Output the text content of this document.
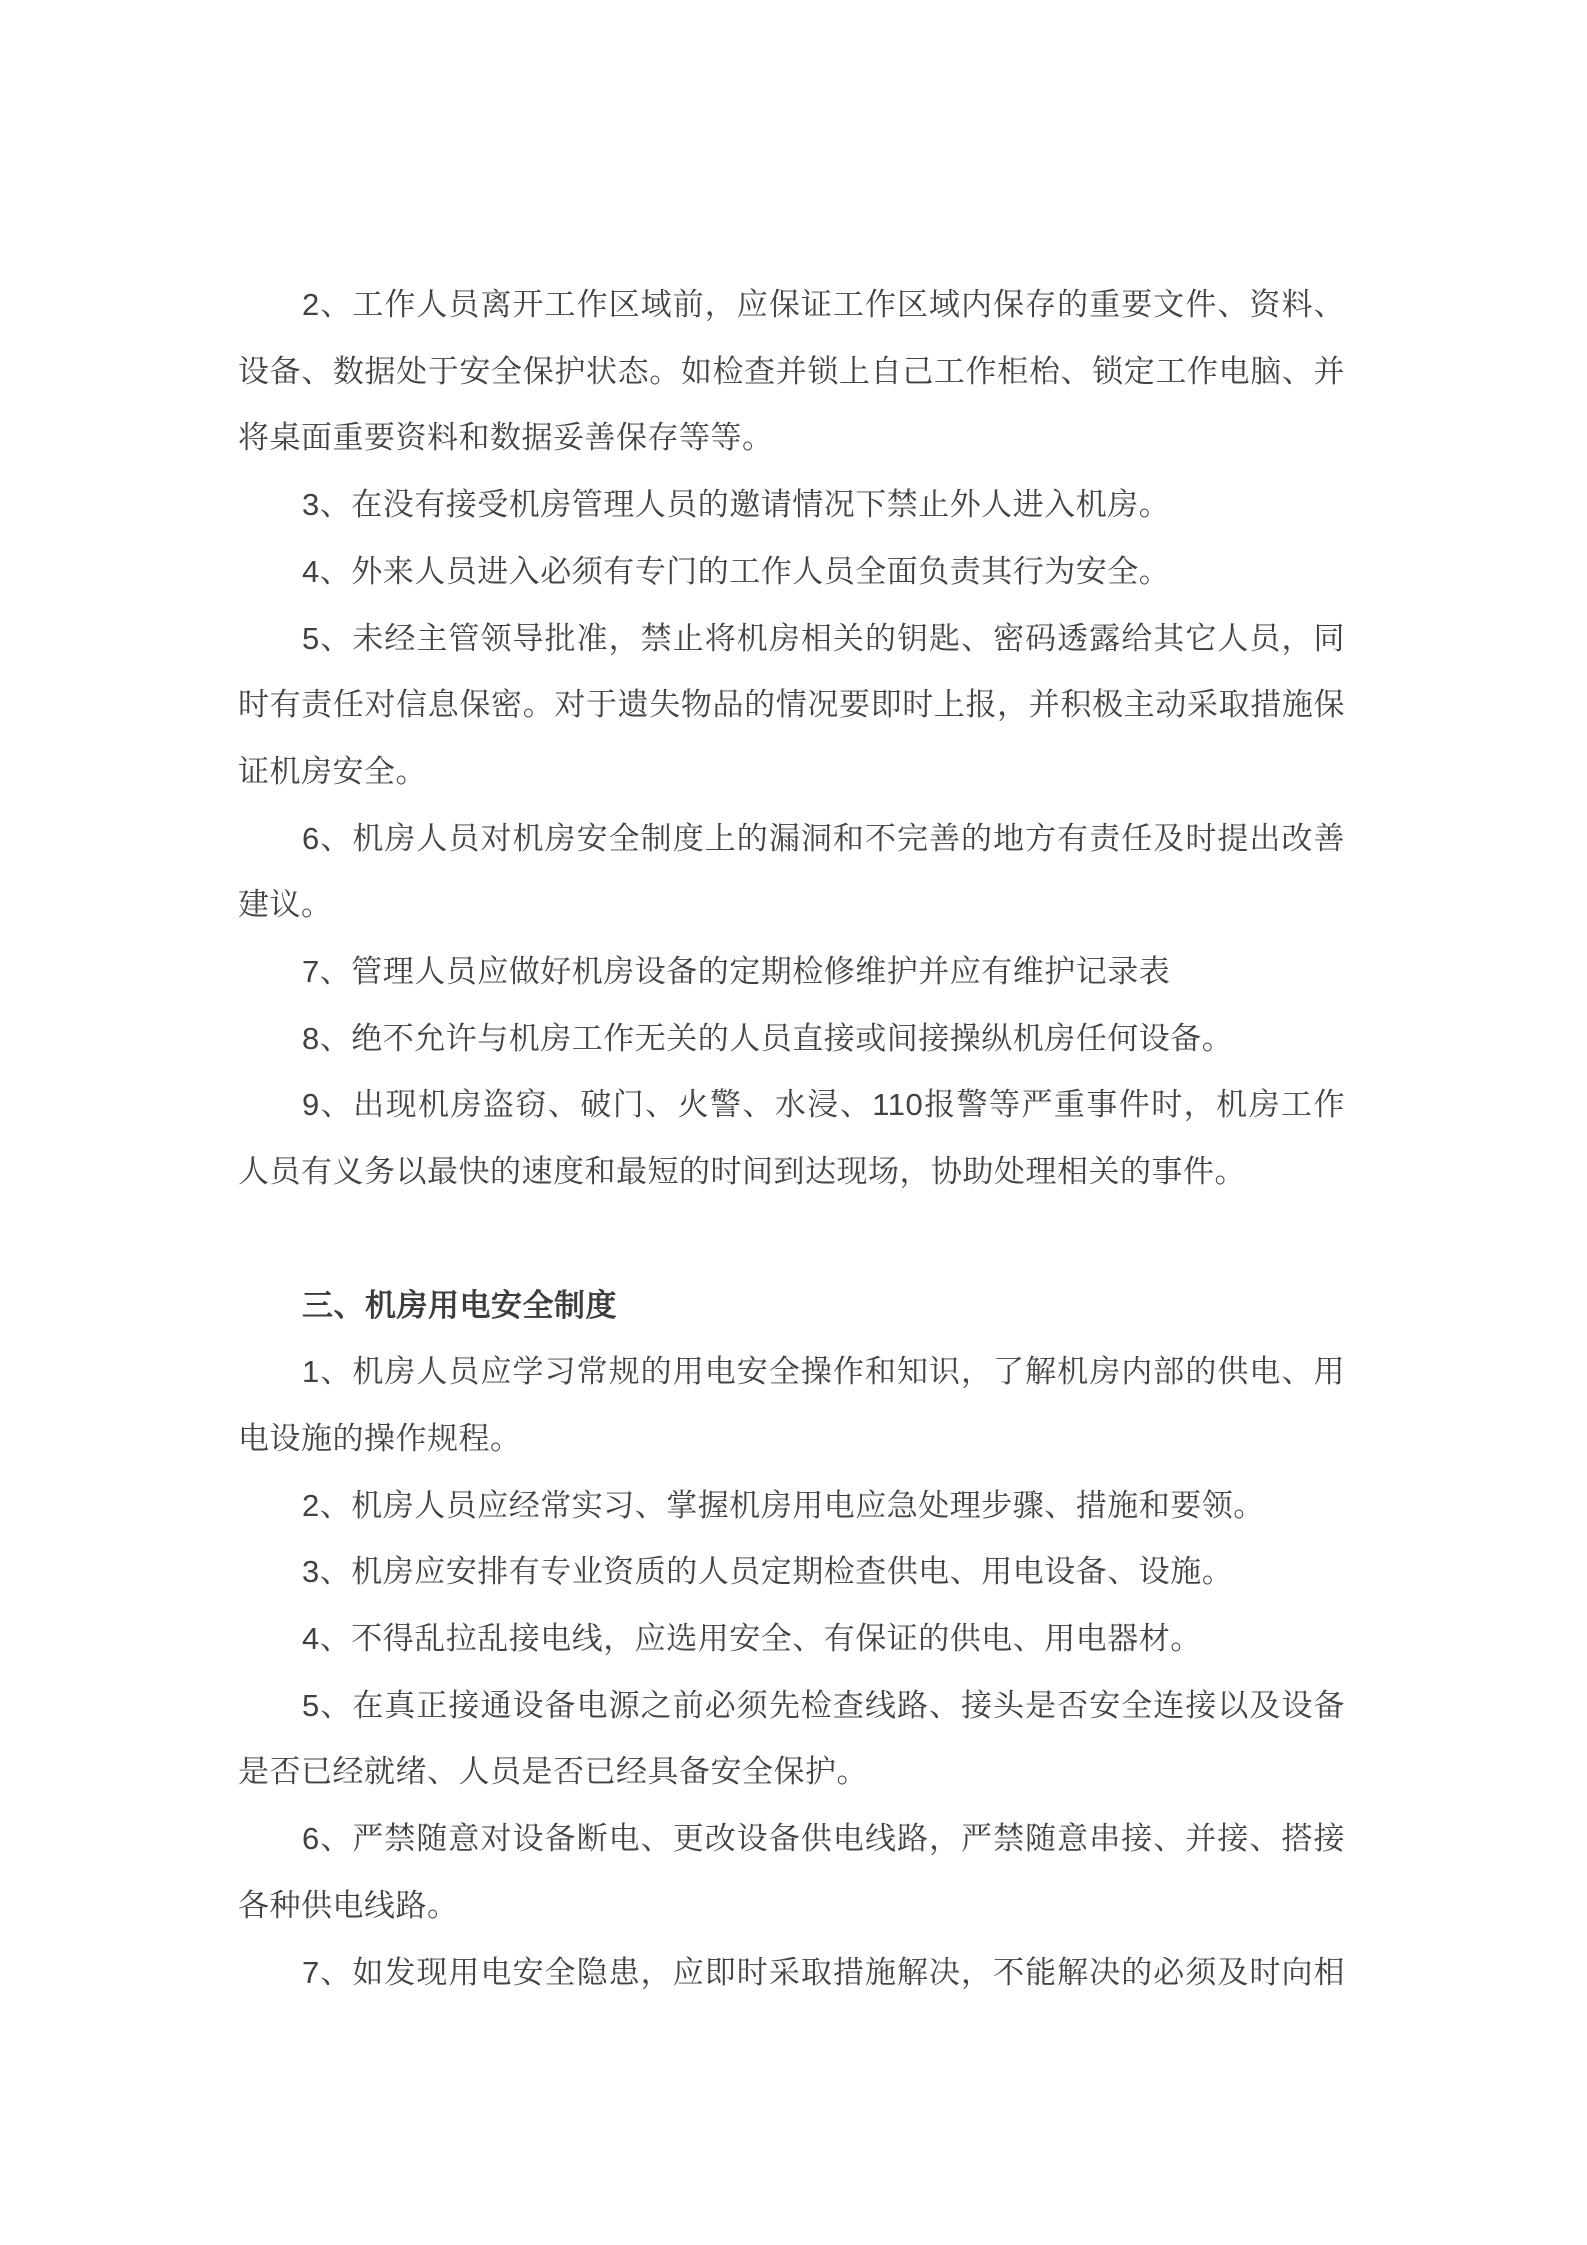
2、工作人员离开工作区域前，应保证工作区域内保存的重要文件、资料、
设备、数据处于安全保护状态。如检查并锁上自己工作柜枱、锁定工作电脑、并
将桌面重要资料和数据妥善保存等等。
3、在没有接受机房管理人员的邀请情况下禁止外人进入机房。
4、外来人员进入必须有专门的工作人员全面负责其行为安全。
5、未经主管领导批准，禁止将机房相关的钥匙、密码透露给其它人员，同
时有责任对信息保密。对于遗失物品的情况要即时上报，并积极主动采取措施保
证机房安全。
6、机房人员对机房安全制度上的漏洞和不完善的地方有责任及时提出改善
建议。
7、管理人员应做好机房设备的定期检修维护并应有维护记录表
8、绝不允许与机房工作无关的人员直接或间接操纵机房任何设备。
9、出现机房盗窃、破门、火警、水浸、110报警等严重事件时，机房工作
人员有义务以最快的速度和最短的时间到达现场，协助处理相关的事件。
三、机房用电安全制度
1、机房人员应学习常规的用电安全操作和知识，了解机房内部的供电、用
电设施的操作规程。
2、机房人员应经常实习、掌握机房用电应急处理步骤、措施和要领。
3、机房应安排有专业资质的人员定期检查供电、用电设备、设施。
4、不得乱拉乱接电线，应选用安全、有保证的供电、用电器材。
5、在真正接通设备电源之前必须先检查线路、接头是否安全连接以及设备
是否已经就绪、人员是否已经具备安全保护。
6、严禁随意对设备断电、更改设备供电线路，严禁随意串接、并接、搭接
各种供电线路。
7、如发现用电安全隐患，应即时采取措施解决，不能解决的必须及时向相
